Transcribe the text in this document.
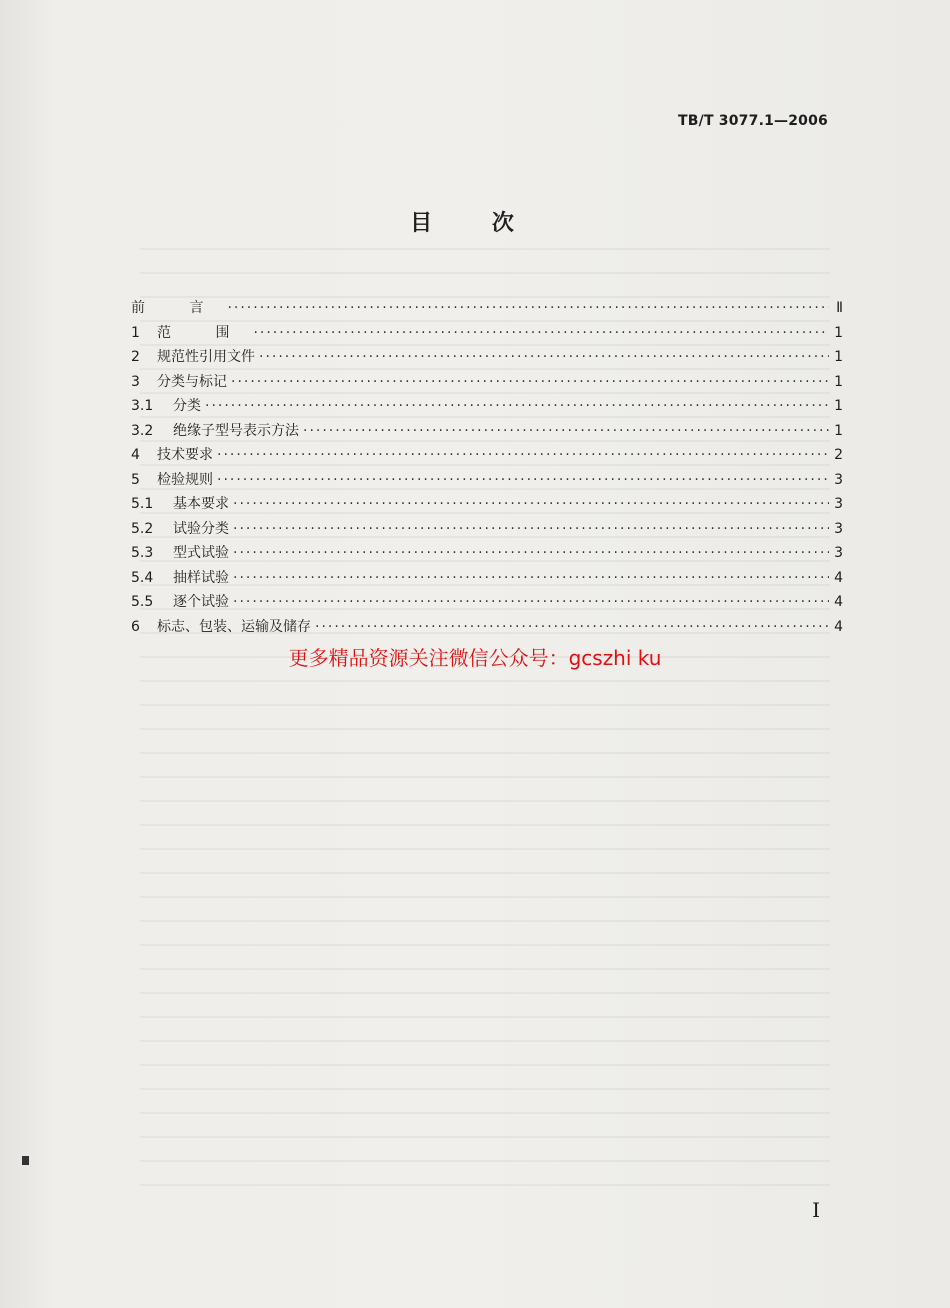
TB/T 3077.1—2006
目 次
前 言 ·····	Ⅱ
1	范 围 ·····	1
2	规范性引用文件 ·····	1
3	分类与标记 ·····	1
3.1	分类 ·····	1
3.2	绝缘子型号表示方法 ·····	1
4	技术要求 ·····	2
5	检验规则 ·····	3
5.1	基本要求 ·····	3
5.2	试验分类 ·····	3
5.3	型式试验 ·····	3
5.4	抽样试验 ·····	4
5.5	逐个试验 ·····	4
6	标志、包装、运输及储存 ·····	4
更多精品资源关注微信公众号：gcszhi ku
I
